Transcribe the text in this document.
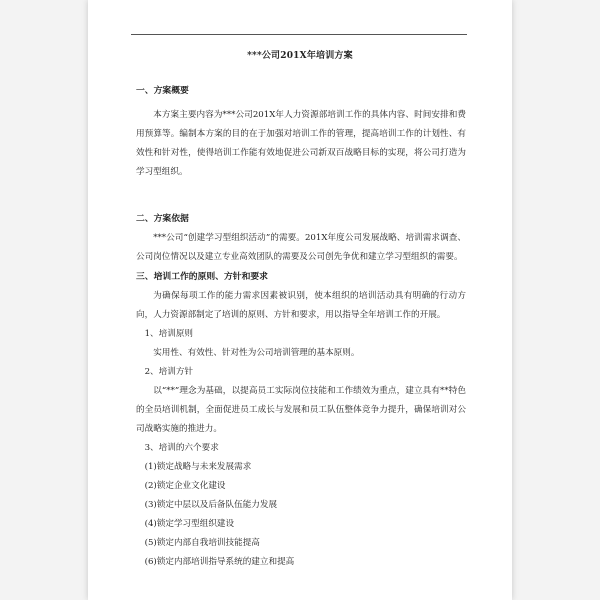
***公司201X年培训方案

一、方案概要

本方案主要内容为***公司201X年人力资源部培训工作的具体内容、时间安排和费用预算等。编制本方案的目的在于加强对培训工作的管理，提高培训工作的计划性、有效性和针对性，使得培训工作能有效地促进公司新双百战略目标的实现，将公司打造为学习型组织。

二、方案依据

***公司“创建学习型组织活动”的需要。201X年度公司发展战略、培训需求调查、公司岗位情况以及建立专业高效团队的需要及公司创先争优和建立学习型组织的需要。

三、培训工作的原则、方针和要求

为确保每项工作的能力需求因素被识别，使本组织的培训活动具有明确的行动方向，人力资源部制定了培训的原则、方针和要求，用以指导全年培训工作的开展。

1、培训原则

实用性、有效性、针对性为公司培训管理的基本原则。

2、培训方针

以“**”理念为基础，以提高员工实际岗位技能和工作绩效为重点，建立具有**特色的全员培训机制，全面促进员工成长与发展和员工队伍整体竞争力提升，确保培训对公司战略实施的推进力。

3、培训的六个要求

(1)锁定战略与未来发展需求

(2)锁定企业文化建设

(3)锁定中层以及后备队伍能力发展

(4)锁定学习型组织建设

(5)锁定内部自我培训技能提高

(6)锁定内部培训指导系统的建立和提高
